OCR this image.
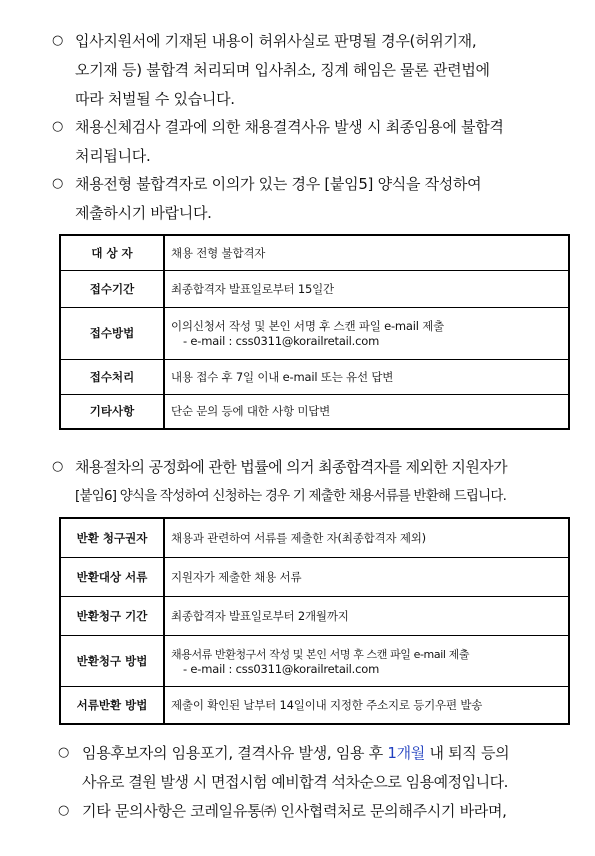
○ 입사지원서에 기재된 내용이 허위사실로 판명될 경우(허위기재,
오기재 등) 불합격 처리되며 입사취소, 징계 해임은 물론 관련법에
따라 처벌될 수 있습니다.
○ 채용신체검사 결과에 의한 채용결격사유 발생 시 최종임용에 불합격
처리됩니다.
○ 채용전형 불합격자로 이의가 있는 경우 [붙임5] 양식을 작성하여
제출하시기 바랍니다.
대 상 자	채용 전형 불합격자
접수기간	최종합격자 발표일로부터 15일간
접수방법	이의신청서 작성 및 본인 서명 후 스캔 파일 e-mail 제출
- e-mail : css0311@korailretail.com

접수처리	내용 접수 후 7일 이내 e-mail 또는 유선 답변
기타사항	단순 문의 등에 대한 사항 미답변
○ 채용절차의 공정화에 관한 법률에 의거 최종합격자를 제외한 지원자가
[붙임6] 양식을 작성하여 신청하는 경우 기 제출한 채용서류를 반환해 드립니다.
반환 청구권자	채용과 관련하여 서류를 제출한 자(최종합격자 제외)
반환대상 서류	지원자가 제출한 채용 서류
반환청구 기간	최종합격자 발표일로부터 2개월까지
반환청구 방법	채용서류 반환청구서 작성 및 본인 서명 후 스캔 파일 e-mail 제출
- e-mail : css0311@korailretail.com

서류반환 방법	제출이 확인된 날부터 14일이내 지정한 주소지로 등기우편 발송
○ 임용후보자의 임용포기, 결격사유 발생, 임용 후 1개월 내 퇴직 등의
사유로 결원 발생 시 면접시험 예비합격 석차순으로 임용예정입니다.
○ 기타 문의사항은 코레일유통㈜ 인사협력처로 문의해주시기 바라며,
